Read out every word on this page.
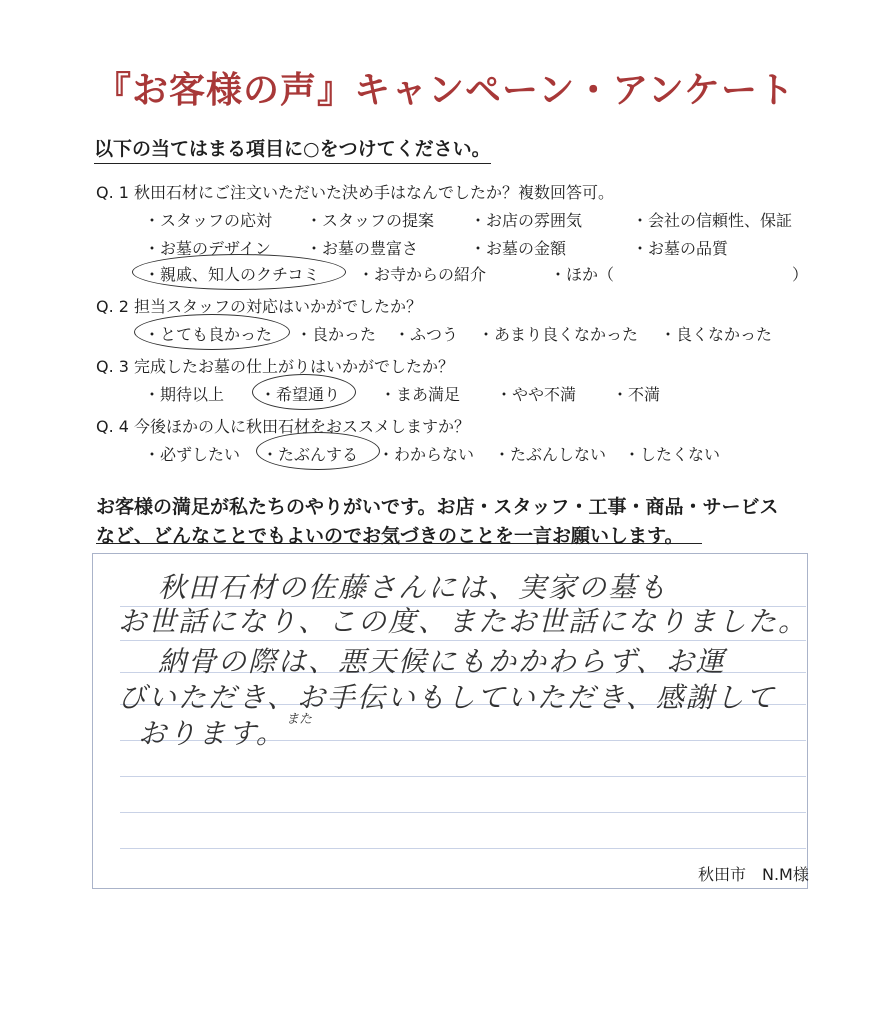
『お客様の声』キャンペーン・アンケート
以下の当てはまる項目に○をつけてください。
Q. 1 秋田石材にご注文いただいた決め手はなんでしたか？複数回答可。
・スタッフの応対 ・スタッフの提案 ・お店の雰囲気	・会社の信頼性、保証
・お墓のデザイン ・お墓の豊富さ	・お墓の金額	・お墓の品質
・親戚、知人のクチコミ ・お寺からの紹介	・ほか（	）
Q. 2 担当スタッフの対応はいかがでしたか？
・とても良かった ・良かった ・ふつう ・あまり良くなかった ・良くなかった
Q. 3 完成したお墓の仕上がりはいかがでしたか？
・期待以上 ・希望通り ・まあ満足 ・やや不満 ・不満
Q. 4 今後ほかの人に秋田石材をおススメしますか？
・必ずしたい ・たぶんする ・わからない ・たぶんしない ・したくない
お客様の満足が私たちのやりがいです。お店・スタッフ・工事・商品・サービス
など、どんなことでもよいのでお気づきのことを一言お願いします。
秋田石材の佐藤さんには、実家の墓も
お世話になり、この度、またお世話になりました。
納骨の際は、悪天候にもかかわらず、お運
びいただき、お手伝いもしていただき、感謝して
おります。 また
秋田市　N.M様
